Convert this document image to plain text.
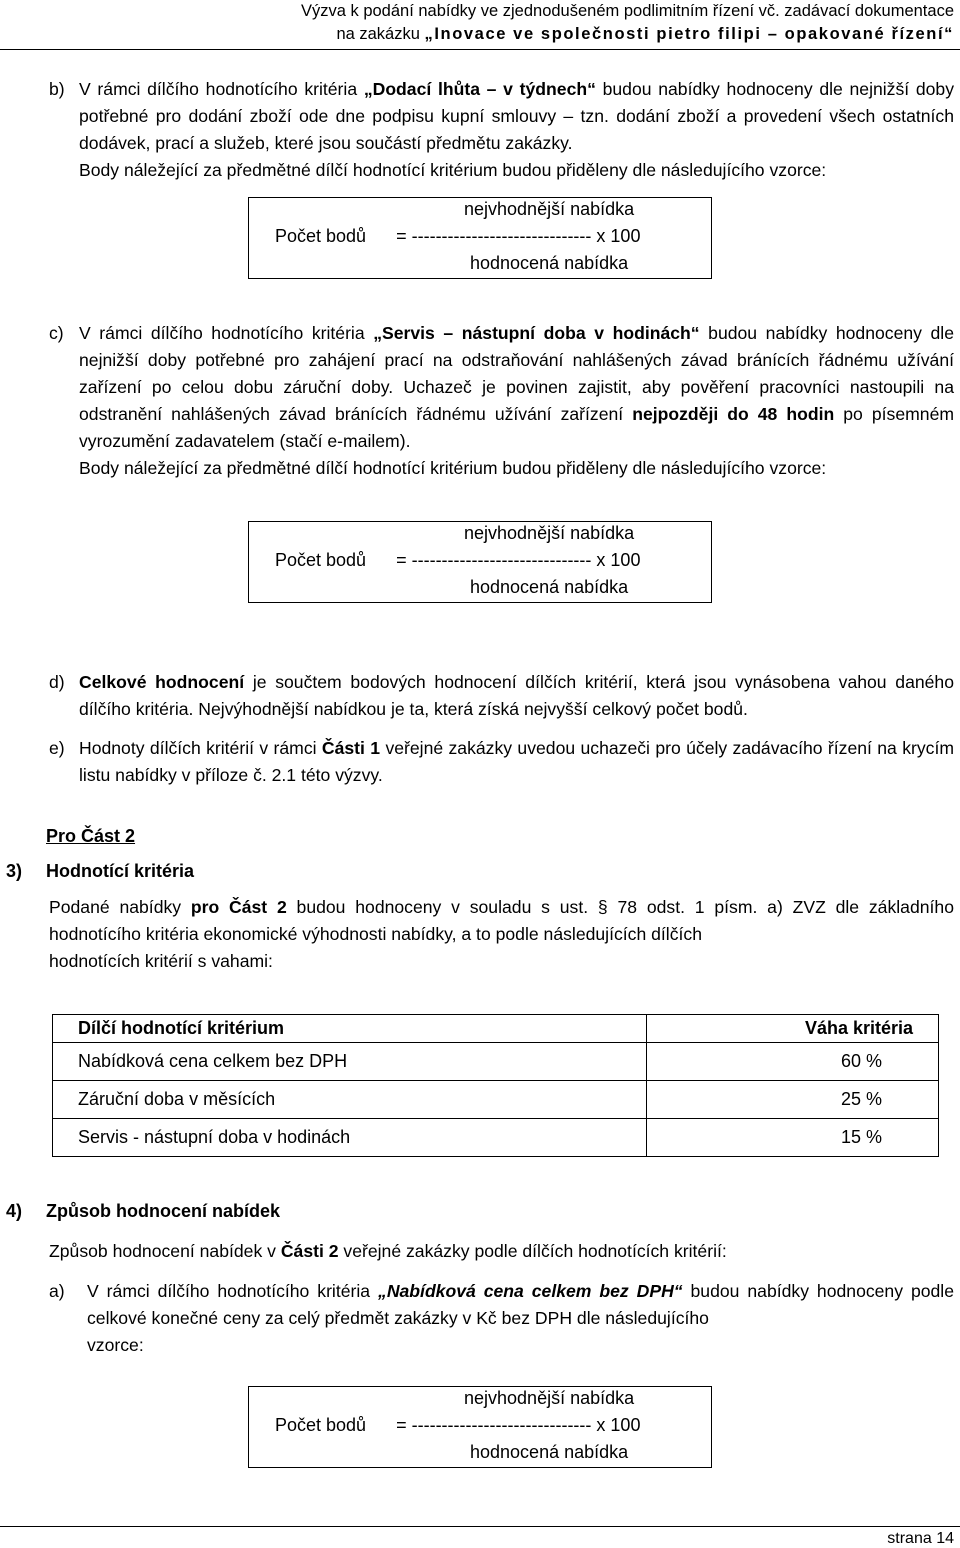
Výzva k podání nabídky ve zjednodušeném podlimitním řízení vč. zadávací dokumentace
na zakázku „Inovace ve společnosti pietro filipi – opakované řízení“
b) V rámci dílčího hodnotícího kritéria „Dodací lhůta – v týdnech“ budou nabídky hodnoceny dle nejnižší doby potřebné pro dodání zboží ode dne podpisu kupní smlouvy – tzn. dodání zboží a provedení všech ostatních dodávek, prací a služeb, které jsou součástí předmětu zakázky.
Body náležející za předmětné dílčí hodnotící kritérium budou přiděleny dle následujícího vzorce:
nejvhodnější nabídka
Počet bodů      = ------------------------------ x 100
hodnocená nabídka
c) V rámci dílčího hodnotícího kritéria „Servis – nástupní doba v hodinách“ budou nabídky hodnoceny dle nejnižší doby potřebné pro zahájení prací na odstraňování nahlášených závad bránících řádnému užívání zařízení po celou dobu záruční doby. Uchazeč je povinen zajistit, aby pověření pracovníci nastoupili na odstranění nahlášených závad bránících řádnému užívání zařízení nejpozději do 48 hodin po písemném vyrozumění zadavatelem (stačí e-mailem).
Body náležející za předmětné dílčí hodnotící kritérium budou přiděleny dle následujícího vzorce:
nejvhodnější nabídka
Počet bodů      = ------------------------------ x 100
hodnocená nabídka
d) Celkové hodnocení je součtem bodových hodnocení dílčích kritérií, která jsou vynásobena vahou daného dílčího kritéria. Nejvýhodnější nabídkou je ta, která získá nejvyšší celkový počet bodů.
e) Hodnoty dílčích kritérií v rámci Části 1 veřejné zakázky uvedou uchazeči pro účely zadávacího řízení na krycím listu nabídky v příloze č. 2.1 této výzvy.
Pro Část 2
3) Hodnotící kritéria
Podané nabídky pro Část 2 budou hodnoceny v souladu s ust. § 78 odst. 1 písm. a) ZVZ dle základního hodnotícího kritéria ekonomické výhodnosti nabídky, a to podle následujících dílčích
hodnotících kritérií s vahami:
Dílčí hodnotící kritérium	Váha kritéria
Nabídková cena celkem bez DPH	60 %
Záruční doba v měsících	25 %
Servis - nástupní doba v hodinách	15 %
4) Způsob hodnocení nabídek
Způsob hodnocení nabídek v Části 2 veřejné zakázky podle dílčích hodnotících kritérií:
a) V rámci dílčího hodnotícího kritéria „Nabídková cena celkem bez DPH“ budou nabídky hodnoceny podle celkové konečné ceny za celý předmět zakázky v Kč bez DPH dle následujícího
vzorce:
nejvhodnější nabídka
Počet bodů      = ------------------------------ x 100
hodnocená nabídka
strana 14
